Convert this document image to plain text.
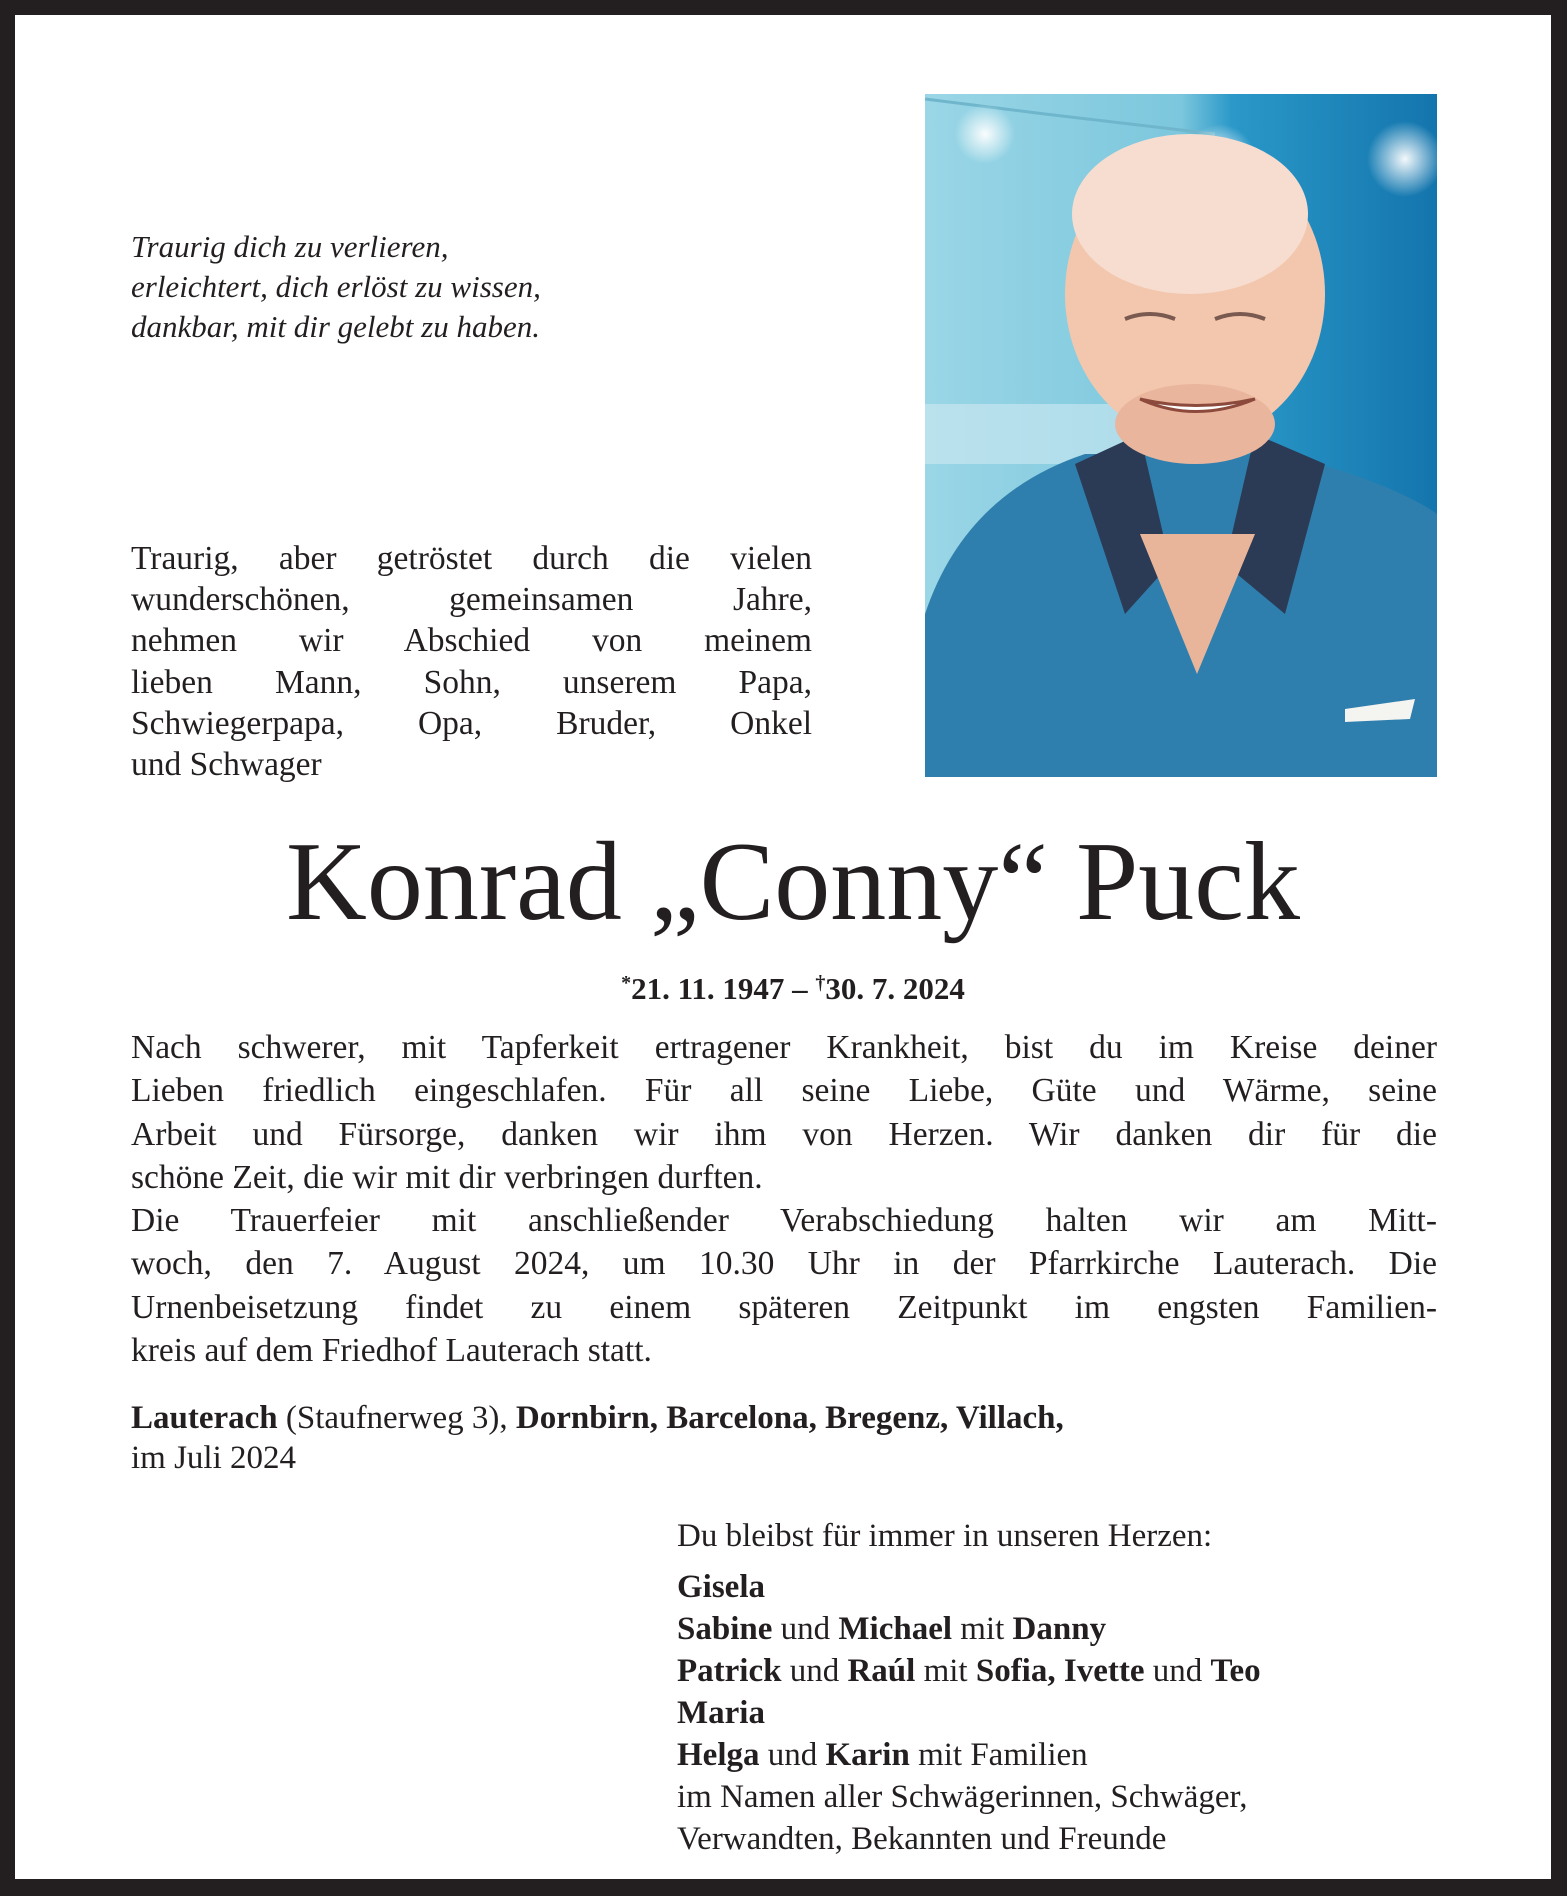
Traurig dich zu verlieren,
erleichtert, dich erlöst zu wissen,
dankbar, mit dir gelebt zu haben.
Traurig, aber getröstet durch die vielen
wunderschönen, gemeinsamen Jahre,
nehmen wir Abschied von meinem
lieben Mann, Sohn, unserem Papa,
Schwiegerpapa, Opa, Bruder, Onkel
und Schwager
Konrad „Conny“ Puck
*21. 11. 1947 – †30. 7. 2024
Nach schwerer, mit Tapferkeit ertragener Krankheit, bist du im Kreise deiner
Lieben friedlich eingeschlafen. Für all seine Liebe, Güte und Wärme, seine
Arbeit und Fürsorge, danken wir ihm von Herzen. Wir danken dir für die
schöne Zeit, die wir mit dir verbringen durften.
Die Trauerfeier mit anschließender Verabschiedung halten wir am Mitt-
woch, den 7. August 2024, um 10.30 Uhr in der Pfarrkirche Lauterach. Die
Urnenbeisetzung findet zu einem späteren Zeitpunkt im engsten Familien-
kreis auf dem Friedhof Lauterach statt.
Lauterach (Staufnerweg 3), Dornbirn, Barcelona, Bregenz, Villach,
im Juli 2024
Du bleibst für immer in unseren Herzen:
Gisela
Sabine und Michael mit Danny
Patrick und Raúl mit Sofia, Ivette und Teo
Maria
Helga und Karin mit Familien
im Namen aller Schwägerinnen, Schwäger,
Verwandten, Bekannten und Freunde
